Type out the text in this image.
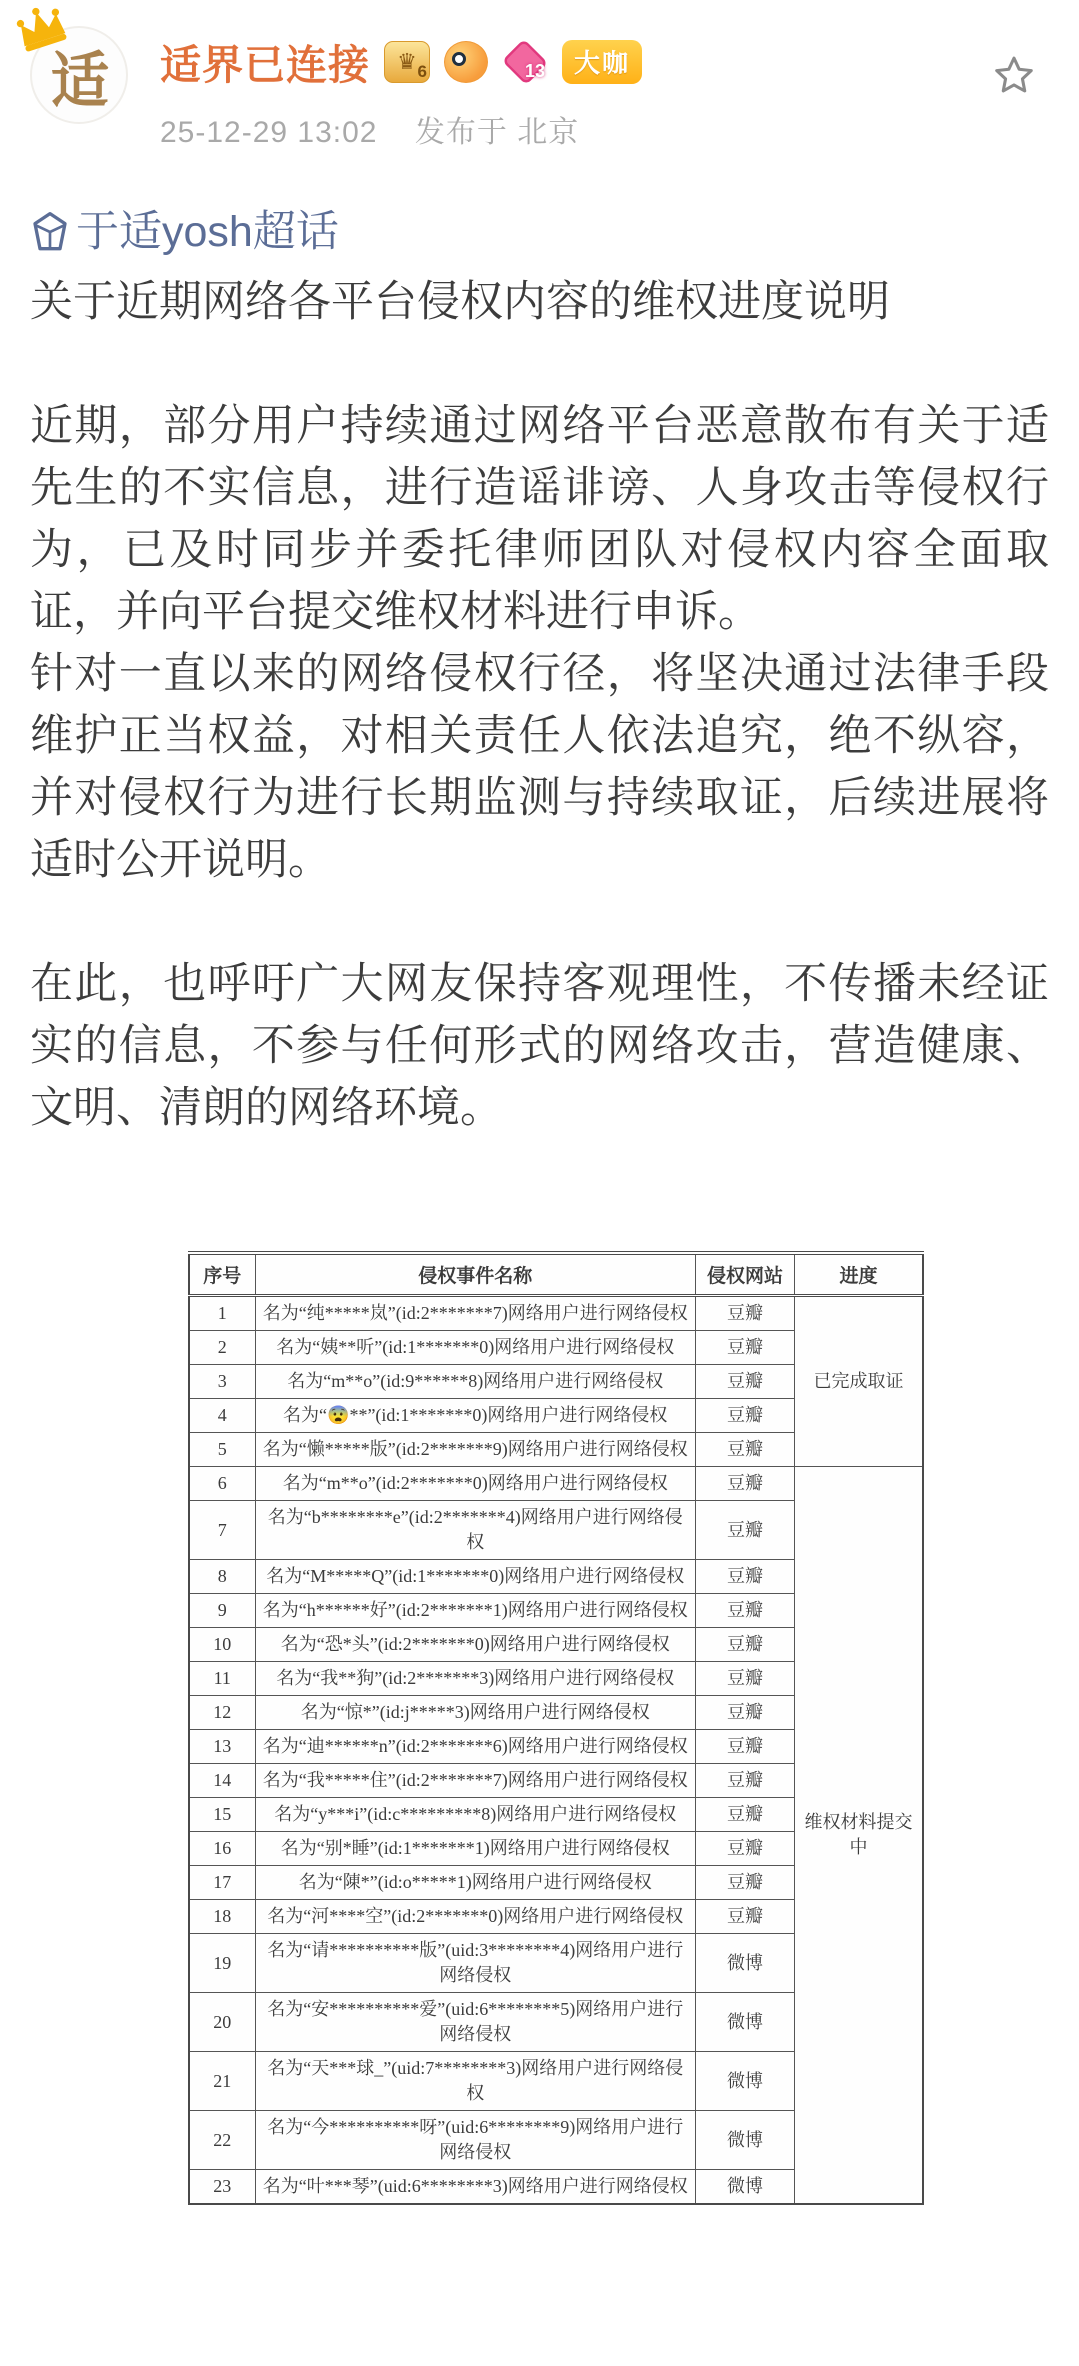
适 适界已连接	♛ 6	13	大咖
25-12-29 13:02 发布于 北京
于适yosh超话
关于近期网络各平台侵权内容的维权进度说明
近期，部分用户持续通过网络平台恶意散布有关于适先生的不实信息，进行造谣诽谤、人身攻击等侵权行为，已及时同步并委托律师团队对侵权内容全面取证，并向平台提交维权材料进行申诉。
针对一直以来的网络侵权行径，将坚决通过法律手段维护正当权益，对相关责任人依法追究，绝不纵容，并对侵权行为进行长期监测与持续取证，后续进展将适时公开说明。
在此，也呼吁广大网友保持客观理性，不传播未经证实的信息，不参与任何形式的网络攻击，营造健康、文明、清朗的网络环境。
序号	侵权事件名称	侵权网站	进度
1	名为“纯*****岚”(id:2*******7)网络用户进行网络侵权	豆瓣	已完成取证
2	名为“姨**听”(id:1*******0)网络用户进行网络侵权	豆瓣	
3	名为“m**o”(id:9******8)网络用户进行网络侵权	豆瓣	
4	名为“😨**”(id:1*******0)网络用户进行网络侵权	豆瓣	
5	名为“懒*****版”(id:2*******9)网络用户进行网络侵权	豆瓣	
6	名为“m**o”(id:2*******0)网络用户进行网络侵权	豆瓣	维权材料提交中
7	名为“b********e”(id:2*******4)网络用户进行网络侵权	豆瓣	
8	名为“M*****Q”(id:1*******0)网络用户进行网络侵权	豆瓣	
9	名为“h******好”(id:2*******1)网络用户进行网络侵权	豆瓣	
10	名为“恐*头”(id:2*******0)网络用户进行网络侵权	豆瓣	
11	名为“我**狗”(id:2*******3)网络用户进行网络侵权	豆瓣	
12	名为“惊*”(id:j*****3)网络用户进行网络侵权	豆瓣	
13	名为“迪******n”(id:2*******6)网络用户进行网络侵权	豆瓣	
14	名为“我*****住”(id:2*******7)网络用户进行网络侵权	豆瓣	
15	名为“y***i”(id:c*********8)网络用户进行网络侵权	豆瓣	
16	名为“别*睡”(id:1*******1)网络用户进行网络侵权	豆瓣	
17	名为“陳*”(id:o*****1)网络用户进行网络侵权	豆瓣	
18	名为“河****空”(id:2*******0)网络用户进行网络侵权	豆瓣	
19	名为“请**********版”(uid:3********4)网络用户进行网络侵权	微博	
20	名为“安**********爱”(uid:6********5)网络用户进行网络侵权	微博	
21	名为“天***球_”(uid:7********3)网络用户进行网络侵权	微博	
22	名为“今**********呀”(uid:6********9)网络用户进行网络侵权	微博	
23	名为“叶***琴”(uid:6********3)网络用户进行网络侵权	微博	
